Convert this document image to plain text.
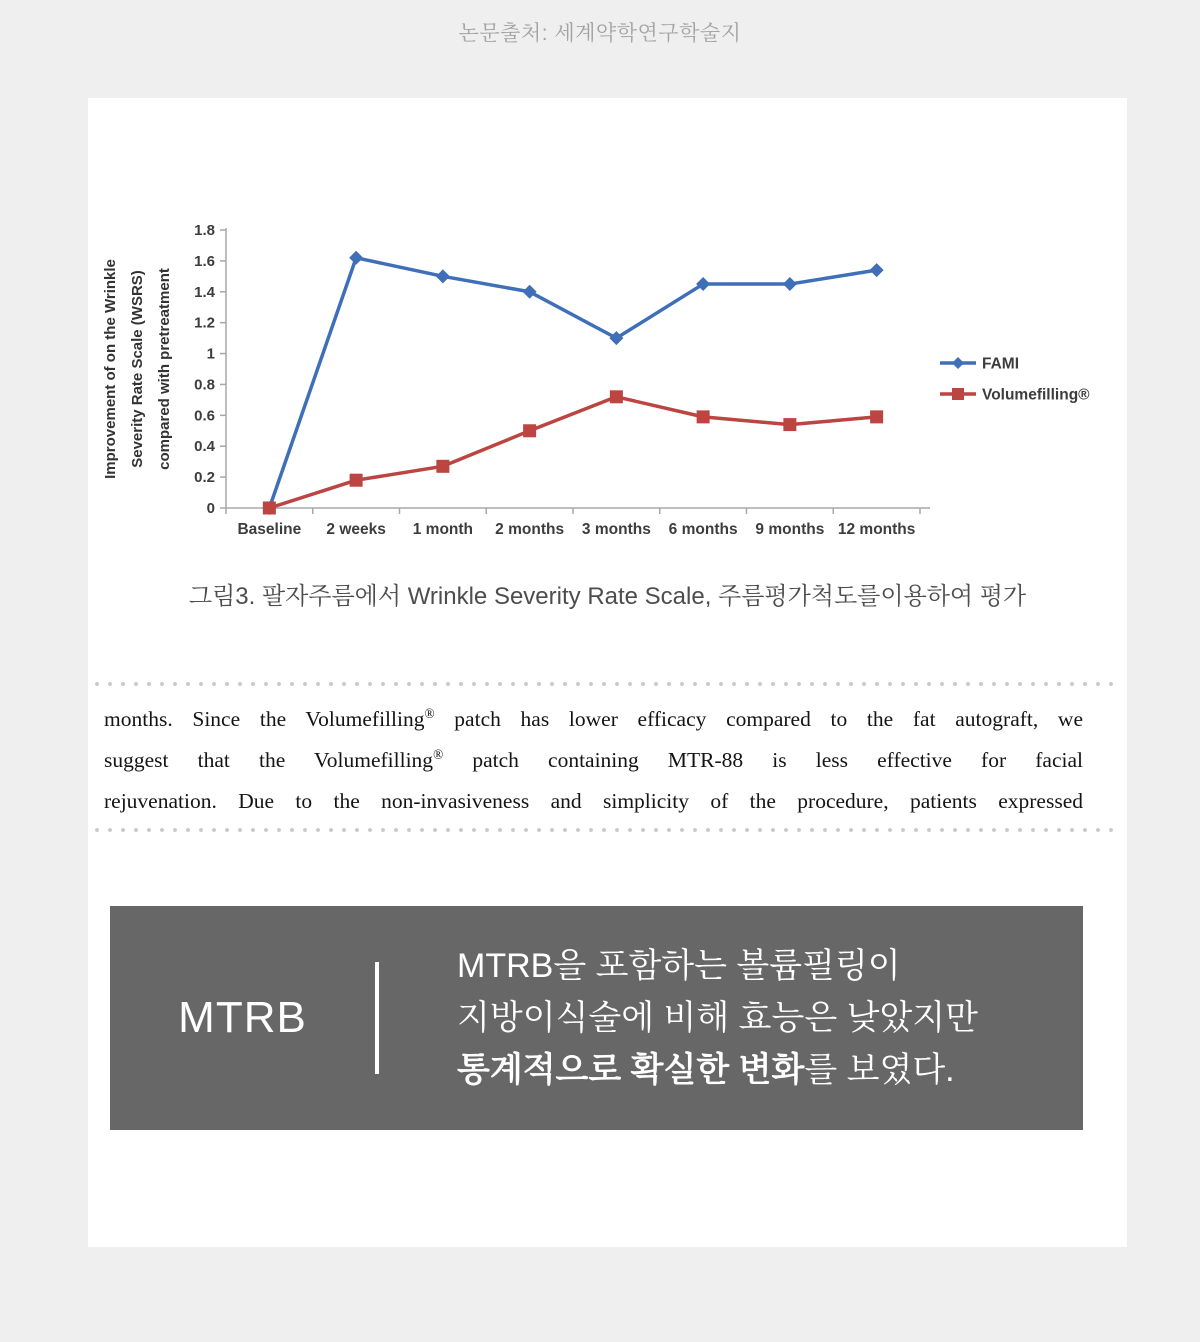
논문출처: 세계약학연구학술지
0
0.2
0.4
0.6
0.8
1
1.2
1.4
1.6
1.8
Baseline 2 weeks 1 month 2 months 3 months 6 months 9 months 12 months
Improvement of on the Wrinkle Severity Rate Scale (WSRS) compared with pretreatment	FAMI
Volumefilling®
그림3. 팔자주름에서 Wrinkle Severity Rate Scale, 주름평가척도를이용하여 평가
months. Since the Volumefilling® patch has lower efficacy compared to the fat autograft, we
suggest that the Volumefilling® patch containing MTR-88 is less effective for facial
rejuvenation. Due to the non-invasiveness and simplicity of the procedure, patients expressed
MTRB
MTRB을 포함하는 볼륨필링이
지방이식술에 비해 효능은 낮았지만
통계적으로 확실한 변화를 보였다.
